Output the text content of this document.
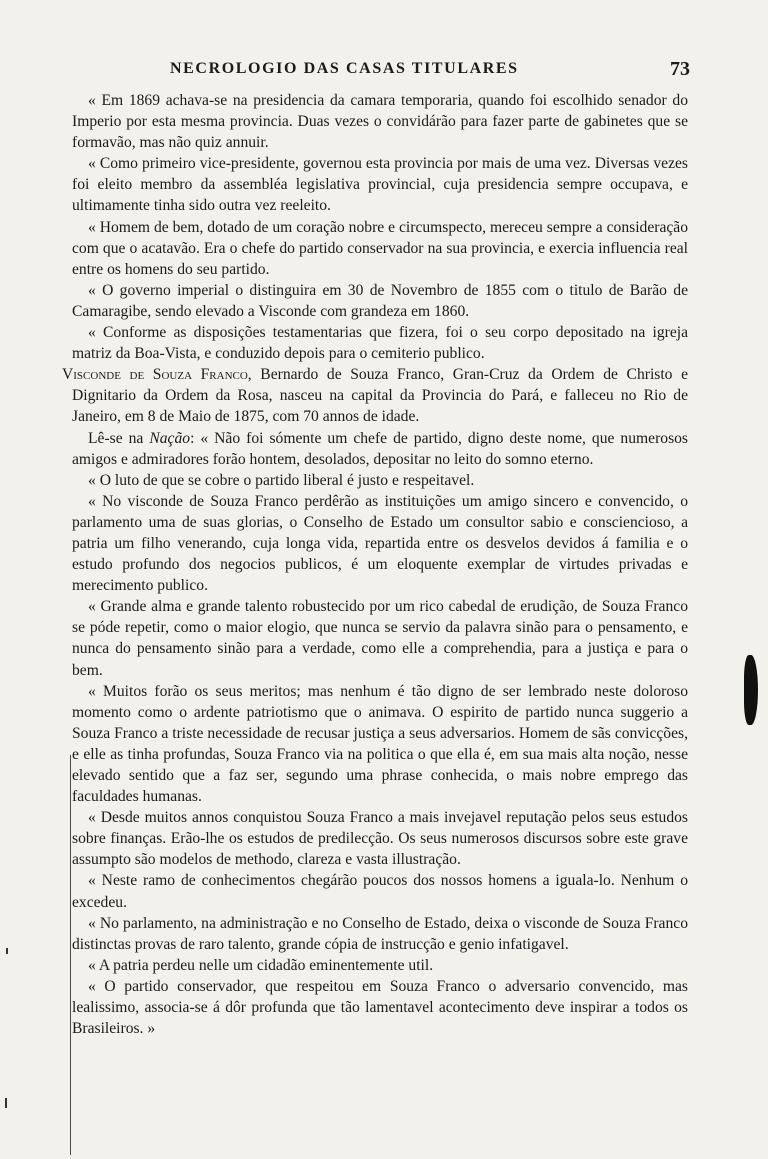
NECROLOGIO DAS CASAS TITULARES	73

« Em 1869 achava-se na presidencia da camara temporaria, quando foi escolhido senador do Imperio por esta mesma provincia. Duas vezes o convidárão para fazer parte de gabinetes que se formavão, mas não quiz annuir.

« Como primeiro vice-presidente, governou esta provincia por mais de uma vez. Diversas vezes foi eleito membro da assembléa legislativa provincial, cuja presidencia sempre occupava, e ultimamente tinha sido outra vez reeleito.

« Homem de bem, dotado de um coração nobre e circumspecto, mereceu sempre a consideração com que o acatavão. Era o chefe do partido conservador na sua provincia, e exercia influencia real entre os homens do seu partido.

« O governo imperial o distinguira em 30 de Novembro de 1855 com o titulo de Barão de Camaragibe, sendo elevado a Visconde com grandeza em 1860.

« Conforme as disposições testamentarias que fizera, foi o seu corpo depositado na igreja matriz da Boa-Vista, e conduzido depois para o cemiterio publico.

Visconde de Souza Franco, Bernardo de Souza Franco, Gran-Cruz da Ordem de Christo e Dignitario da Ordem da Rosa, nasceu na capital da Provincia do Pará, e falleceu no Rio de Janeiro, em 8 de Maio de 1875, com 70 annos de idade.

Lê-se na Nação: « Não foi sómente um chefe de partido, digno deste nome, que numerosos amigos e admiradores forão hontem, desolados, depositar no leito do somno eterno.

« O luto de que se cobre o partido liberal é justo e respeitavel.

« No visconde de Souza Franco perdêrão as instituições um amigo sincero e convencido, o parlamento uma de suas glorias, o Conselho de Estado um consultor sabio e consciencioso, a patria um filho venerando, cuja longa vida, repartida entre os desvelos devidos á familia e o estudo profundo dos negocios publicos, é um eloquente exemplar de virtudes privadas e merecimento publico.

« Grande alma e grande talento robustecido por um rico cabedal de erudição, de Souza Franco se póde repetir, como o maior elogio, que nunca se servio da palavra sinão para o pensamento, e nunca do pensamento sinão para a verdade, como elle a comprehendia, para a justiça e para o bem.

« Muitos forão os seus meritos; mas nenhum é tão digno de ser lembrado neste doloroso momento como o ardente patriotismo que o animava. O espirito de partido nunca suggerio a Souza Franco a triste necessidade de recusar justiça a seus adversarios. Homem de sãs convicções, e elle as tinha profundas, Souza Franco via na politica o que ella é, em sua mais alta noção, nesse elevado sentido que a faz ser, segundo uma phrase conhecida, o mais nobre emprego das faculdades humanas.

« Desde muitos annos conquistou Souza Franco a mais invejavel reputação pelos seus estudos sobre finanças. Erão-lhe os estudos de predilecção. Os seus numerosos discursos sobre este grave assumpto são modelos de methodo, clareza e vasta illustração.

« Neste ramo de conhecimentos chegárão poucos dos nossos homens a iguala-lo. Nenhum o excedeu.

« No parlamento, na administração e no Conselho de Estado, deixa o visconde de Souza Franco distinctas provas de raro talento, grande cópia de instrucção e genio infatigavel.

« A patria perdeu nelle um cidadão eminentemente util.

« O partido conservador, que respeitou em Souza Franco o adversario convencido, mas lealissimo, associa-se á dôr profunda que tão lamentavel acontecimento deve inspirar a todos os Brasileiros. »
